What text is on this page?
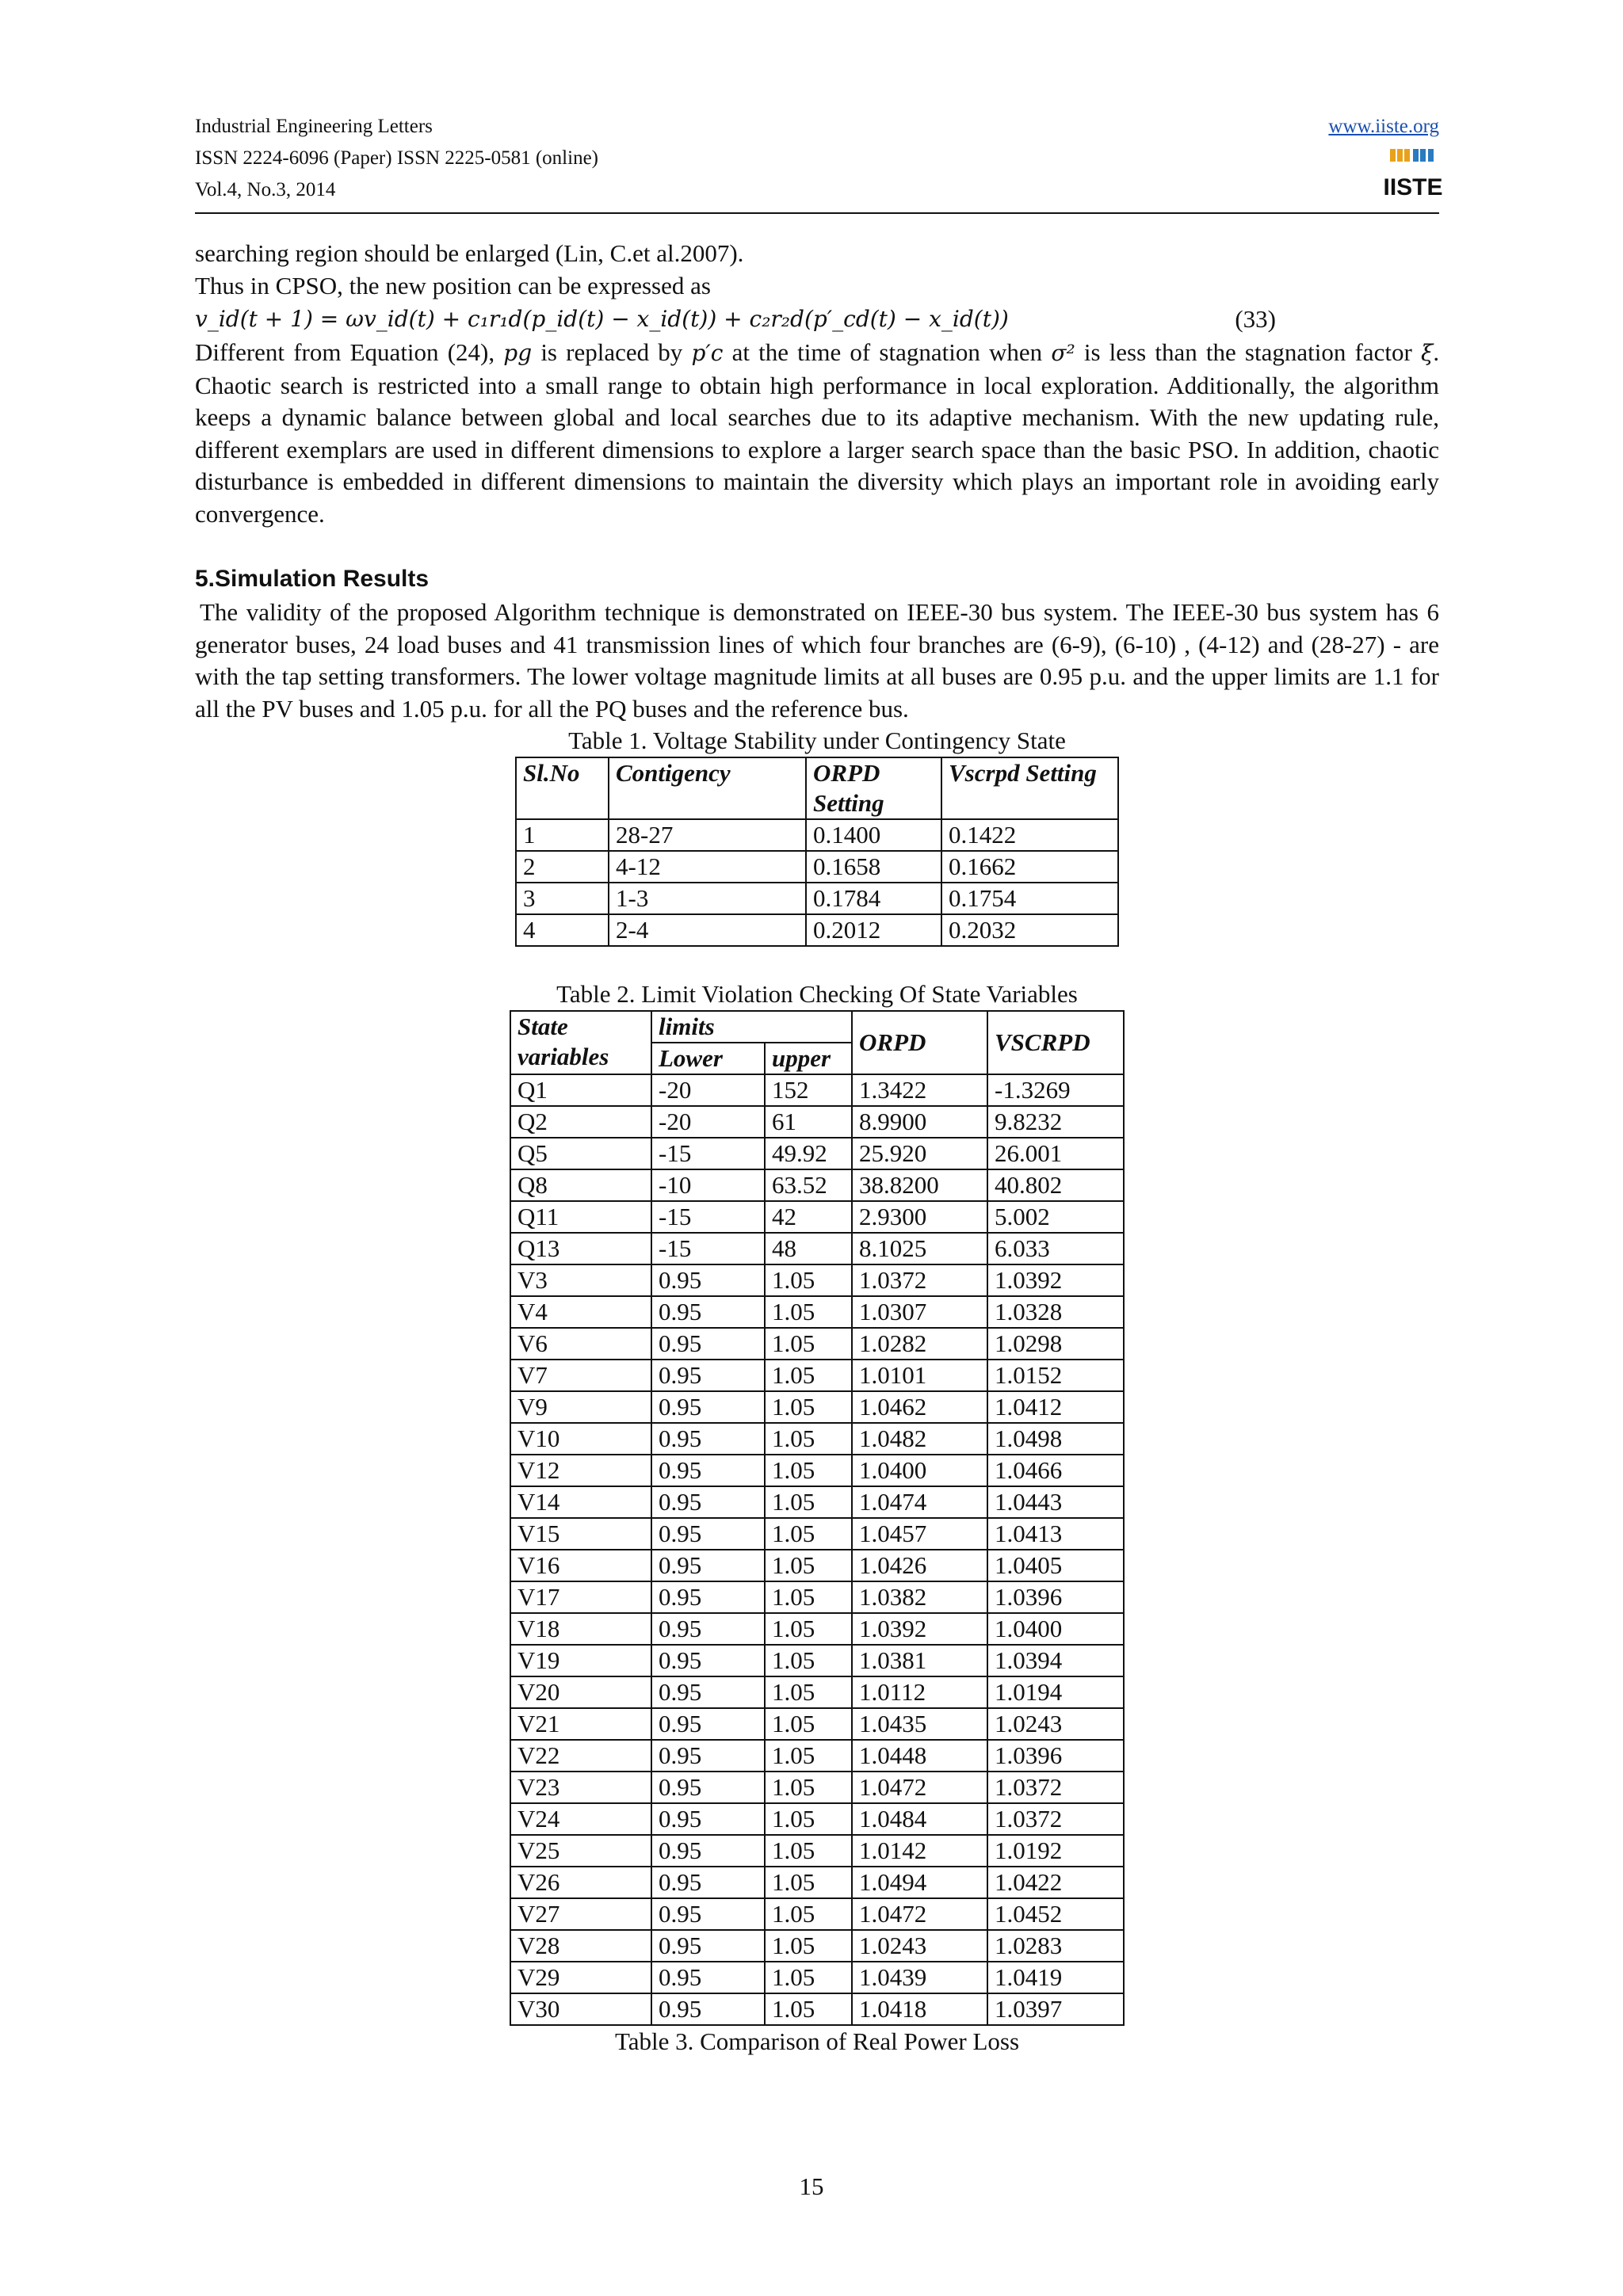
Industrial Engineering Letters
ISSN 2224-6096 (Paper) ISSN 2225-0581 (online)
Vol.4, No.3, 2014
www.iiste.org
IISTE

searching region should be enlarged (Lin, C.et al.2007).

Thus in CPSO, the new position can be expressed as

v_id(t + 1) = ωv_id(t) + c₁r₁d(p_id(t) − x_id(t)) + c₂r₂d(p′_cd(t) − x_id(t))	(33)

Different from Equation (24), pg is replaced by p′c at the time of stagnation when σ² is less than the stagnation factor ξ. Chaotic search is restricted into a small range to obtain high performance in local exploration. Additionally, the algorithm keeps a dynamic balance between global and local searches due to its adaptive mechanism. With the new updating rule, different exemplars are used in different dimensions to explore a larger search space than the basic PSO. In addition, chaotic disturbance is embedded in different dimensions to maintain the diversity which plays an important role in avoiding early convergence.

5.Simulation Results

The validity of the proposed Algorithm technique is demonstrated on IEEE-30 bus system. The IEEE-30 bus system has 6 generator buses, 24 load buses and 41 transmission lines of which four branches are (6-9), (6-10) , (4-12) and (28-27) - are with the tap setting transformers. The lower voltage magnitude limits at all buses are 0.95 p.u. and the upper limits are 1.1 for all the PV buses and 1.05 p.u. for all the PQ buses and the reference bus.

Table 1. Voltage Stability under Contingency State

Sl.No	Contigency	ORPD Setting	Vscrpd Setting
1	28-27	0.1400	0.1422
2	4-12	0.1658	0.1662
3	1-3	0.1784	0.1754
4	2-4	0.2012	0.2032

Table 2. Limit Violation Checking Of State Variables

State variables	limits		ORPD	VSCRPD
	Lower	upper		
Q1	-20	152	1.3422	-1.3269
Q2	-20	61	8.9900	9.8232
Q5	-15	49.92	25.920	26.001
Q8	-10	63.52	38.8200	40.802
Q11	-15	42	2.9300	5.002
Q13	-15	48	8.1025	6.033
V3	0.95	1.05	1.0372	1.0392
V4	0.95	1.05	1.0307	1.0328
V6	0.95	1.05	1.0282	1.0298
V7	0.95	1.05	1.0101	1.0152
V9	0.95	1.05	1.0462	1.0412
V10	0.95	1.05	1.0482	1.0498
V12	0.95	1.05	1.0400	1.0466
V14	0.95	1.05	1.0474	1.0443
V15	0.95	1.05	1.0457	1.0413
V16	0.95	1.05	1.0426	1.0405
V17	0.95	1.05	1.0382	1.0396
V18	0.95	1.05	1.0392	1.0400
V19	0.95	1.05	1.0381	1.0394
V20	0.95	1.05	1.0112	1.0194
V21	0.95	1.05	1.0435	1.0243
V22	0.95	1.05	1.0448	1.0396
V23	0.95	1.05	1.0472	1.0372
V24	0.95	1.05	1.0484	1.0372
V25	0.95	1.05	1.0142	1.0192
V26	0.95	1.05	1.0494	1.0422
V27	0.95	1.05	1.0472	1.0452
V28	0.95	1.05	1.0243	1.0283
V29	0.95	1.05	1.0439	1.0419
V30	0.95	1.05	1.0418	1.0397

Table 3. Comparison of Real Power Loss

15
